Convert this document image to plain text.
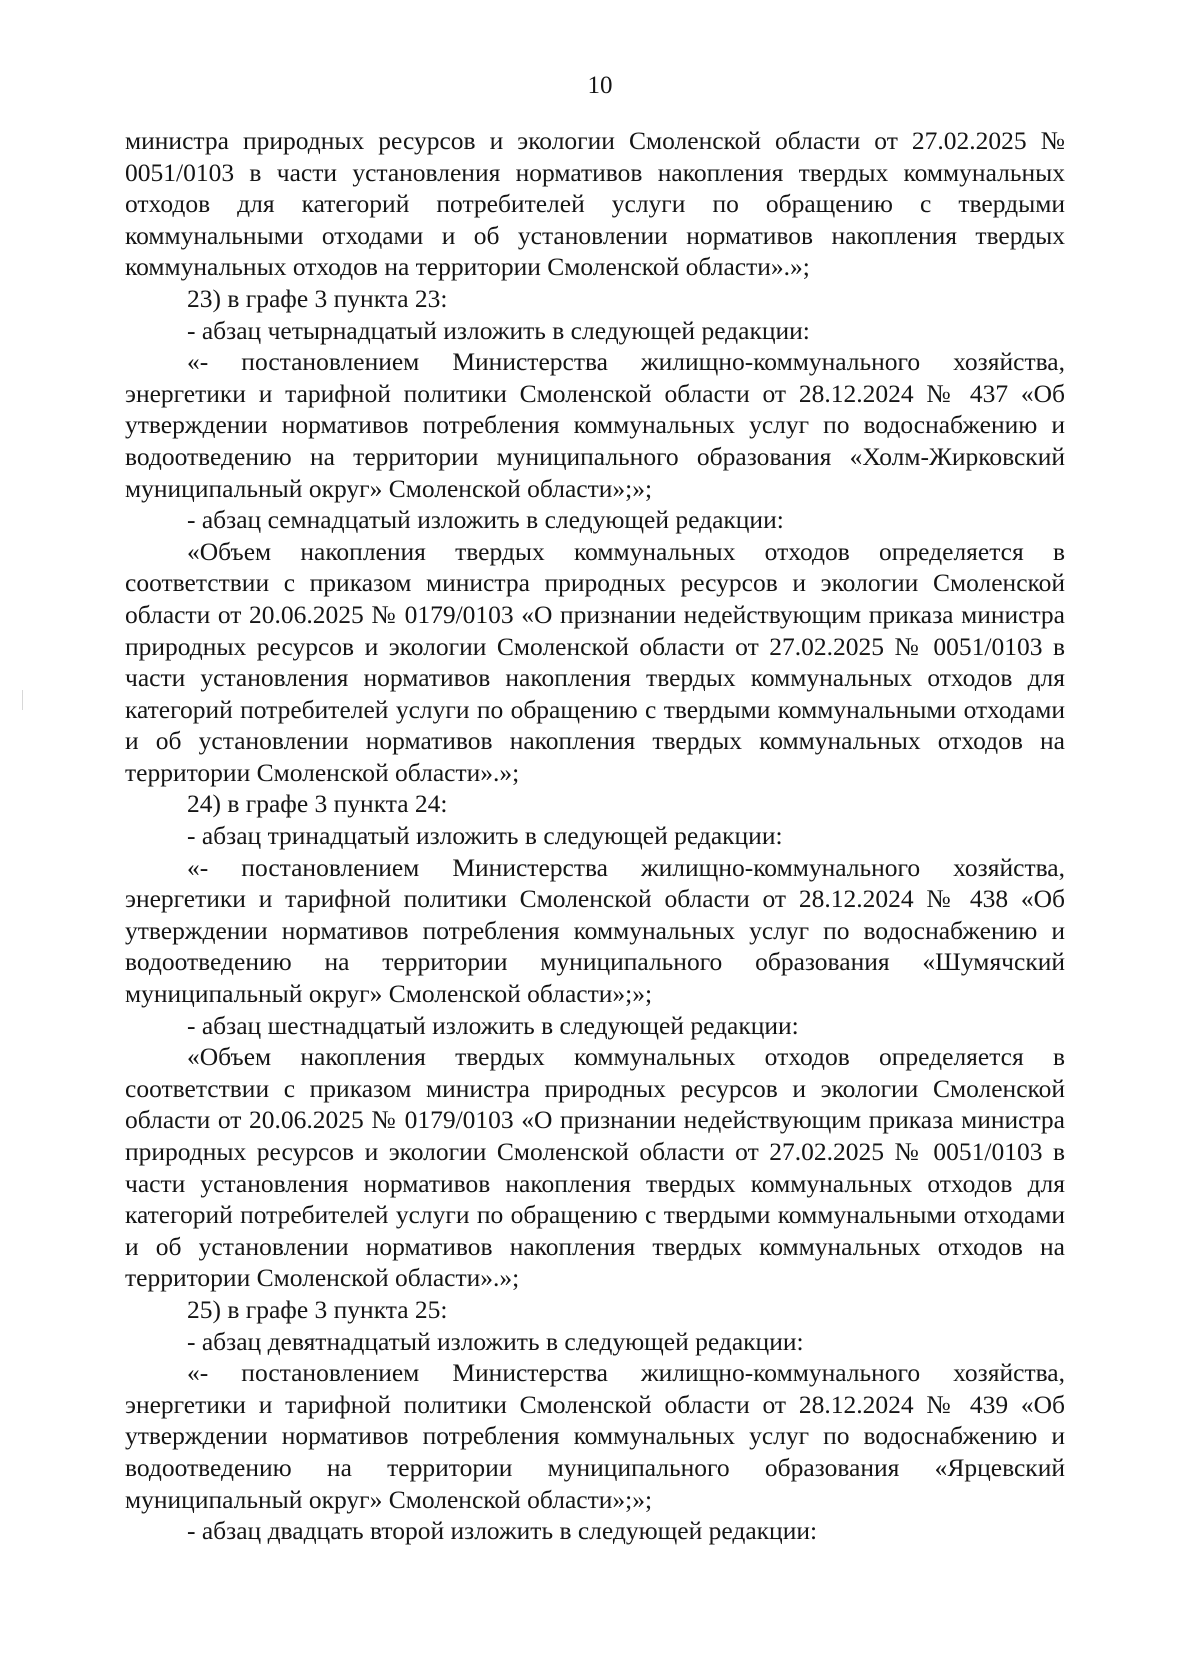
10

министра природных ресурсов и экологии Смоленской области от 27.02.2025 № 0051/0103 в части установления нормативов накопления твердых коммунальных отходов для категорий потребителей услуги по обращению с твердыми коммунальными отходами и об установлении нормативов накопления твердых коммунальных отходов на территории Смоленской области».»;

23) в графе 3 пункта 23:

- абзац четырнадцатый изложить в следующей редакции:

«- постановлением Министерства жилищно-коммунального хозяйства, энергетики и тарифной политики Смоленской области от 28.12.2024 № 437 «Об утверждении нормативов потребления коммунальных услуг по водоснабжению и водоотведению на территории муниципального образования «Холм-Жирковский муниципальный округ» Смоленской области»;»;

- абзац семнадцатый изложить в следующей редакции:

«Объем накопления твердых коммунальных отходов определяется в соответствии с приказом министра природных ресурсов и экологии Смоленской области от 20.06.2025 № 0179/0103 «О признании недействующим приказа министра природных ресурсов и экологии Смоленской области от 27.02.2025 № 0051/0103 в части установления нормативов накопления твердых коммунальных отходов для категорий потребителей услуги по обращению с твердыми коммунальными отходами и об установлении нормативов накопления твердых коммунальных отходов на территории Смоленской области».»;

24) в графе 3 пункта 24:

- абзац тринадцатый изложить в следующей редакции:

«- постановлением Министерства жилищно-коммунального хозяйства, энергетики и тарифной политики Смоленской области от 28.12.2024 № 438 «Об утверждении нормативов потребления коммунальных услуг по водоснабжению и водоотведению на территории муниципального образования «Шумячский муниципальный округ» Смоленской области»;»;

- абзац шестнадцатый изложить в следующей редакции:

«Объем накопления твердых коммунальных отходов определяется в соответствии с приказом министра природных ресурсов и экологии Смоленской области от 20.06.2025 № 0179/0103 «О признании недействующим приказа министра природных ресурсов и экологии Смоленской области от 27.02.2025 № 0051/0103 в части установления нормативов накопления твердых коммунальных отходов для категорий потребителей услуги по обращению с твердыми коммунальными отходами и об установлении нормативов накопления твердых коммунальных отходов на территории Смоленской области».»;

25) в графе 3 пункта 25:

- абзац девятнадцатый изложить в следующей редакции:

«- постановлением Министерства жилищно-коммунального хозяйства, энергетики и тарифной политики Смоленской области от 28.12.2024 № 439 «Об утверждении нормативов потребления коммунальных услуг по водоснабжению и водоотведению на территории муниципального образования «Ярцевский муниципальный округ» Смоленской области»;»;

- абзац двадцать второй изложить в следующей редакции:
